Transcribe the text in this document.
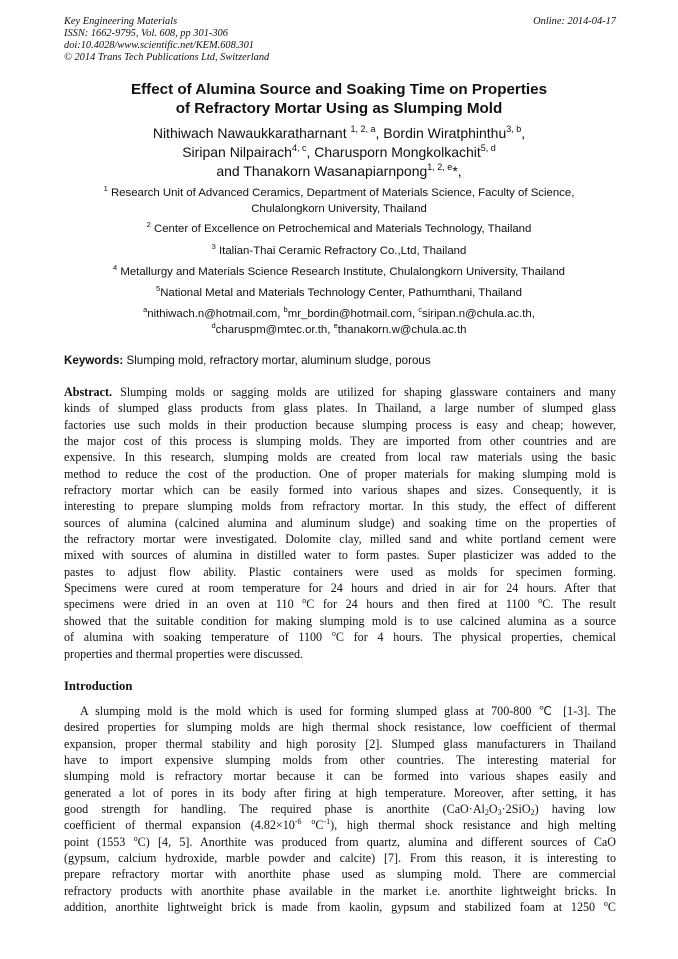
Key Engineering Materials
ISSN: 1662-9795, Vol. 608, pp 301-306
doi:10.4028/www.scientific.net/KEM.608.301
© 2014 Trans Tech Publications Ltd, Switzerland
Online: 2014-04-17
Effect of Alumina Source and Soaking Time on Properties
of Refractory Mortar Using as Slumping Mold
Nithiwach Nawaukkaratharnant $^{1, 2, a}$, Bordin Wiratphinthu$^{3, b}$,
Siripan Nilpairach$^{4, c}$, Charusporn Mongkolkachit$^{5, d}$
and Thanakorn Wasanapiarnpong$^{1, 2, e}$*,
$^1$ Research Unit of Advanced Ceramics, Department of Materials Science, Faculty of Science,
Chulalongkorn University, Thailand
$^2$ Center of Excellence on Petrochemical and Materials Technology, Thailand
$^3$ Italian-Thai Ceramic Refractory Co.,Ltd, Thailand
$^4$ Metallurgy and Materials Science Research Institute, Chulalongkorn University, Thailand
$^5$National Metal and Materials Technology Center, Pathumthani, Thailand
$^a$nithiwach.n@hotmail.com, $^b$mr_bordin@hotmail.com, $^c$siripan.n@chula.ac.th,
$^d$charuspm@mtec.or.th, $^e$thanakorn.w@chula.ac.th
Keywords: Slumping mold, refractory mortar, aluminum sludge, porous
Abstract. Slumping molds or sagging molds are utilized for shaping glassware containers and many
kinds of slumped glass products from glass plates. In Thailand, a large number of slumped glass
factories use such molds in their production because slumping process is easy and cheap; however,
the major cost of this process is slumping molds. They are imported from other countries and are
expensive. In this research, slumping molds are created from local raw materials using the basic
method to reduce the cost of the production. One of proper materials for making slumping mold is
refractory mortar which can be easily formed into various shapes and sizes. Consequently, it is
interesting to prepare slumping molds from refractory mortar. In this study, the effect of different
sources of alumina (calcined alumina and aluminum sludge) and soaking time on the properties of
the refractory mortar were investigated. Dolomite clay, milled sand and white portland cement were
mixed with sources of alumina in distilled water to form pastes. Super plasticizer was added to the
pastes to adjust flow ability. Plastic containers were used as molds for specimen forming.
Specimens were cured at room temperature for 24 hours and dried in air for 24 hours. After that
specimens were dried in an oven at 110 $^o$C for 24 hours and then fired at 1100 $^o$C. The result
showed that the suitable condition for making slumping mold is to use calcined alumina as a source
of alumina with soaking temperature of 1100 $^o$C for 4 hours. The physical properties, chemical
properties and thermal properties were discussed.
Introduction
A slumping mold is the mold which is used for forming slumped glass at 700-800 ℃ [1-3]. The
desired properties for slumping molds are high thermal shock resistance, low coefficient of thermal
expansion, proper thermal stability and high porosity [2]. Slumped glass manufacturers in Thailand
have to import expensive slumping molds from other countries. The interesting material for
slumping mold is refractory mortar because it can be formed into various shapes easily and
generated a lot of pores in its body after firing at high temperature. Moreover, after setting, it has
good strength for handling. The required phase is anorthite $(CaO\cdot Al_2O_3\cdot 2SiO_2)$ having low
coefficient of thermal expansion ($4.82\times 10^{-6}$ $^oC^{-1}$), high thermal shock resistance and high melting
point (1553 $^o$C) [4, 5]. Anorthite was produced from quartz, alumina and different sources of CaO
(gypsum, calcium hydroxide, marble powder and calcite) [7]. From this reason, it is interesting to
prepare refractory mortar with anorthite phase used as slumping mold. There are commercial
refractory products with anorthite phase available in the market i.e. anorthite lightweight bricks. In
addition, anorthite lightweight brick is made from kaolin, gypsum and stabilized foam at 1250 $^o$C
